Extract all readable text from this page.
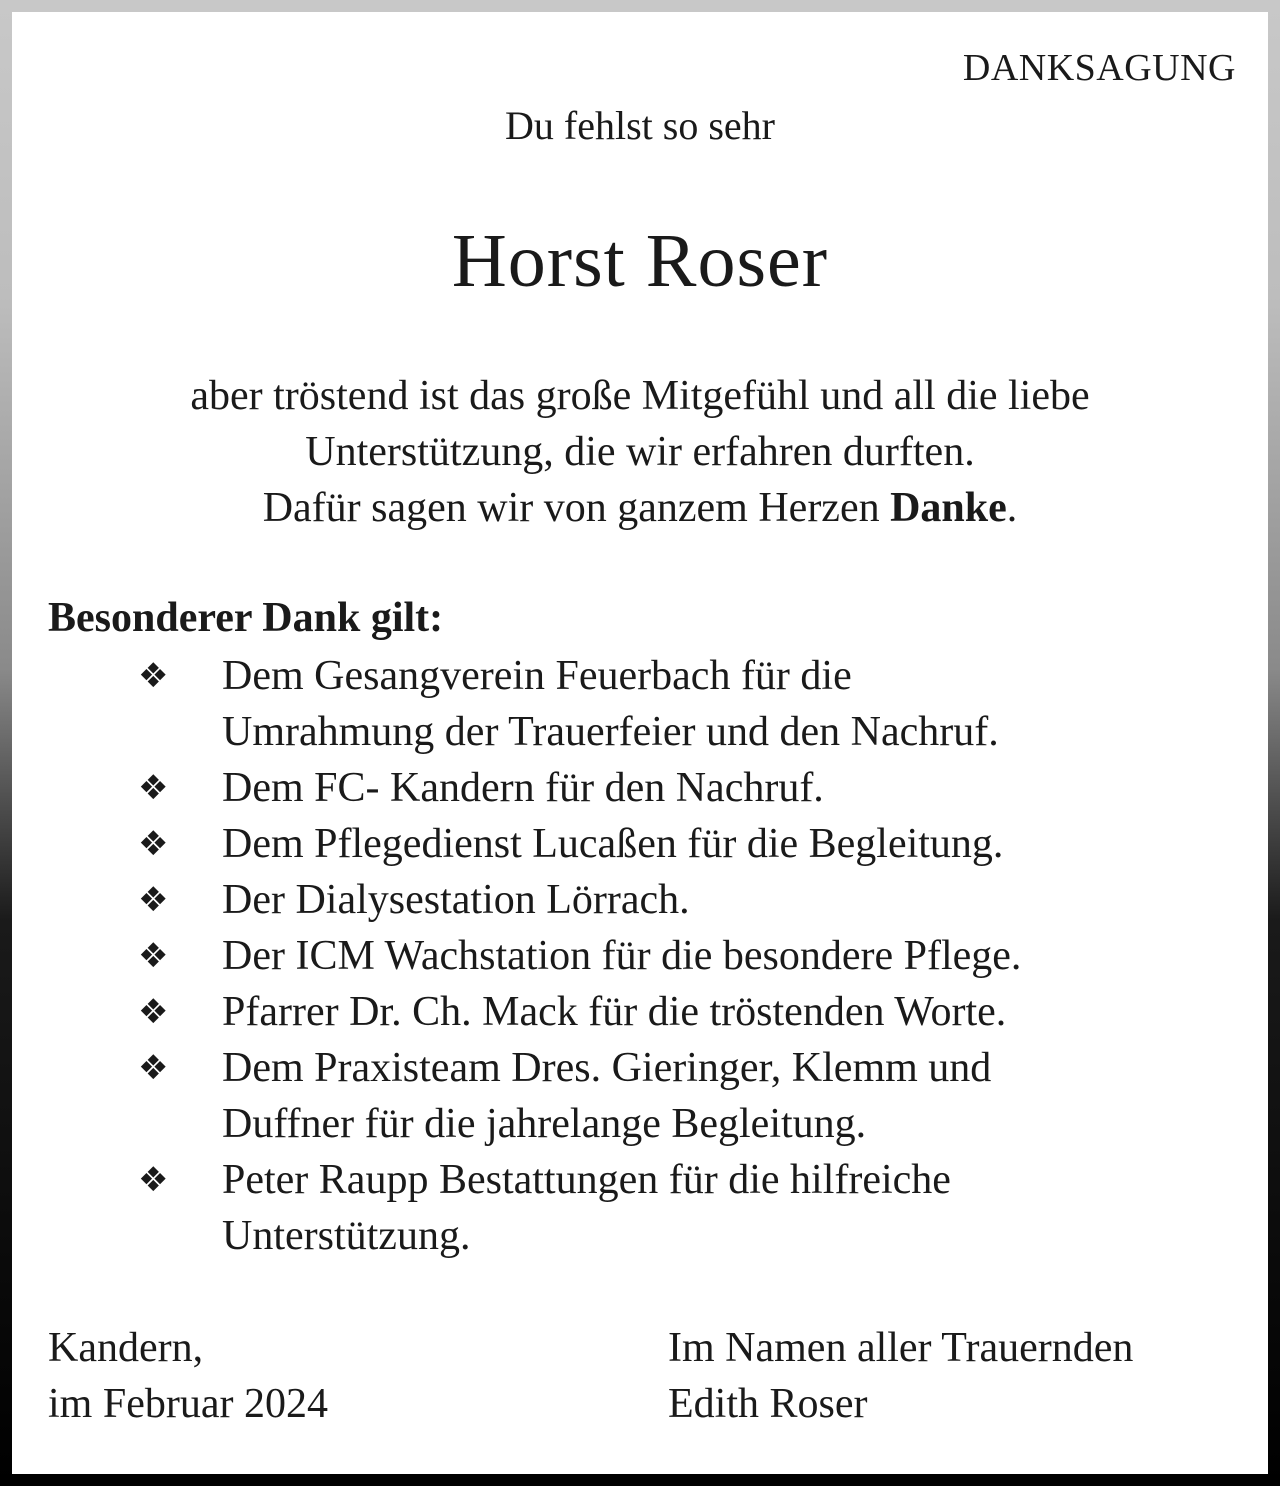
DANKSAGUNG
Du fehlst so sehr
Horst Roser
aber tröstend ist das große Mitgefühl und all die liebe
Unterstützung, die wir erfahren durften.
Dafür sagen wir von ganzem Herzen Danke.
Besonderer Dank gilt:
❖ Dem Gesangverein Feuerbach für die
Umrahmung der Trauerfeier und den Nachruf.
❖ Dem FC- Kandern für den Nachruf.
❖ Dem Pflegedienst Lucaßen für die Begleitung.
❖ Der Dialysestation Lörrach.
❖ Der ICM Wachstation für die besondere Pflege.
❖ Pfarrer Dr. Ch. Mack für die tröstenden Worte.
❖ Dem Praxisteam Dres. Gieringer, Klemm und
Duffner für die jahrelange Begleitung.
❖ Peter Raupp Bestattungen für die hilfreiche
Unterstützung.
Kandern,
im Februar 2024
Im Namen aller Trauernden
Edith Roser
